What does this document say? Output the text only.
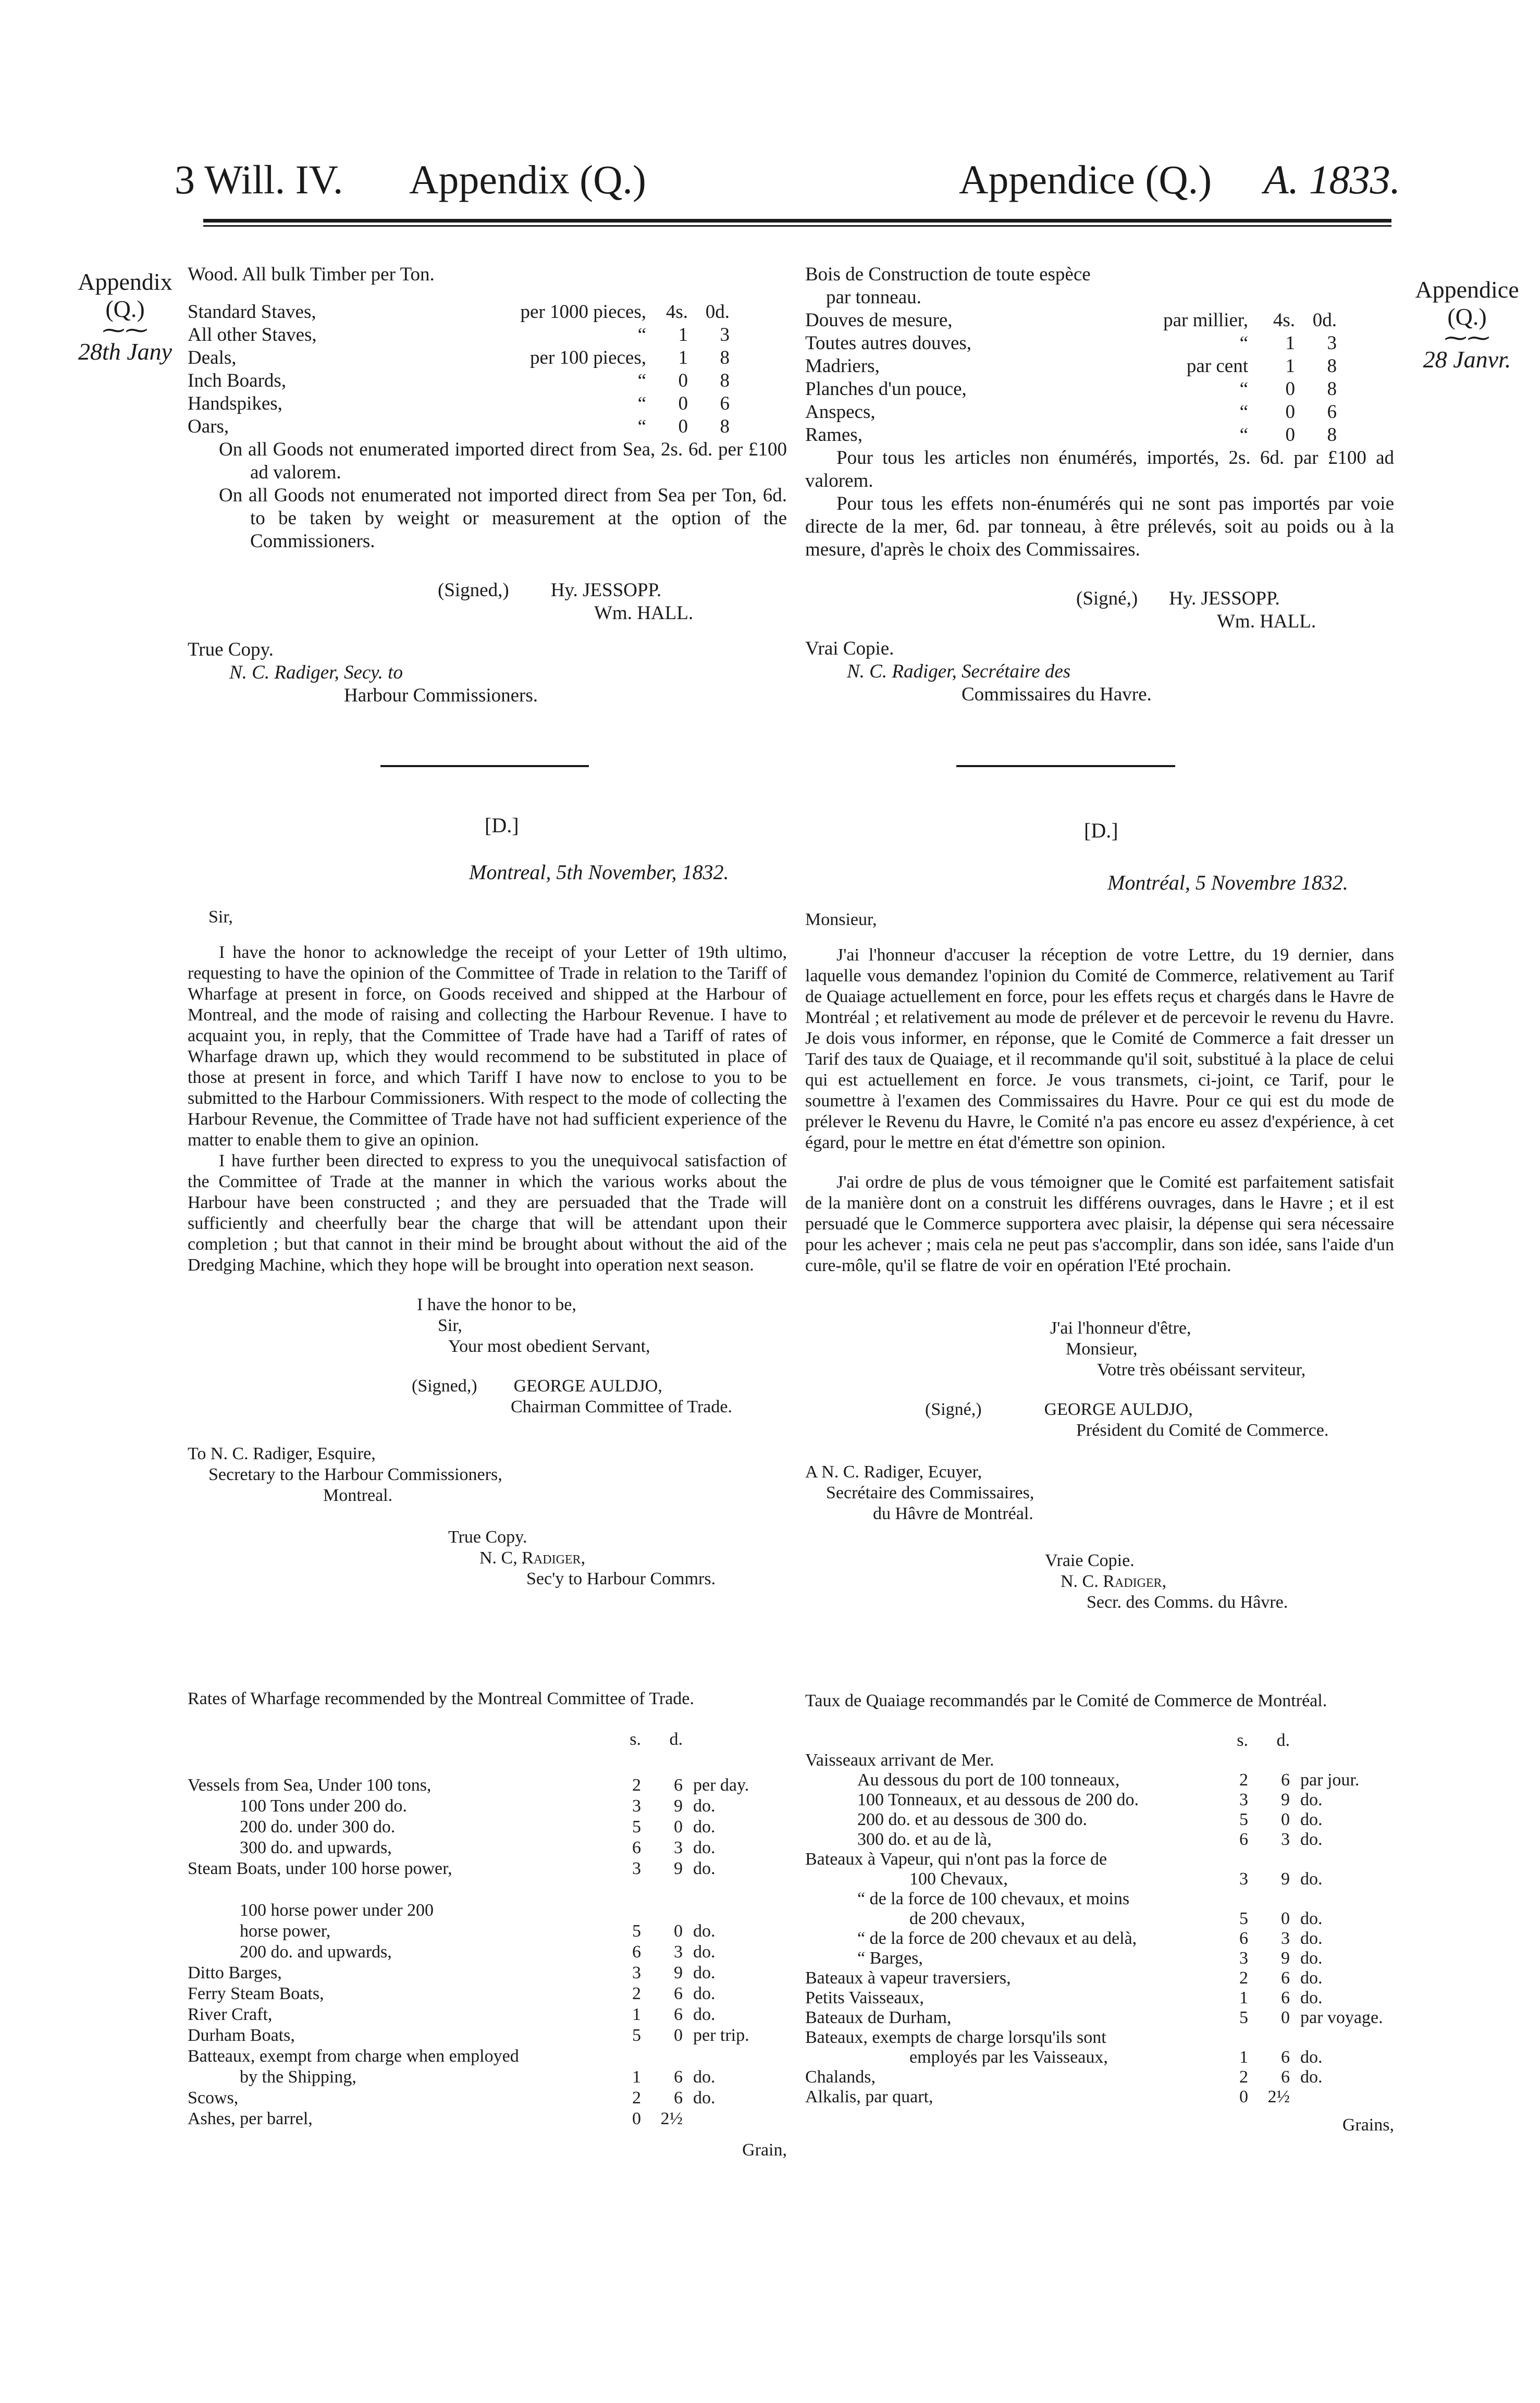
3 Will. IV. Appendix (Q.)	Appendice (Q.) A. 1833.
Appendix
(Q.)
⁓⁓
28th Jany
Appendice
(Q.)
⁓⁓
28 Janvr.
Wood. All bulk Timber per Ton.
Standard Staves,	per 1000 pieces,	4s. 0d.
All other Staves,	“	1	3
Deals,	per 100 pieces,	1	8
Inch Boards,	“	0	8
Handspikes,	“	0	6
Oars,	“	0	8
On all Goods not enumerated imported direct from Sea, 2s. 6d. per £100 ad valorem.
On all Goods not enumerated not imported direct from Sea per Ton, 6d. to be taken by weight or measurement at the option of the Commissioners.
(Signed,) Hy. JESSOPP.
Wm. HALL.
True Copy.
N. C. Radiger, Secy. to
Harbour Commissioners.
Bois de Construction de toute espèce
par tonneau.
Douves de mesure,	par millier,	4s. 0d.
Toutes autres douves,	“	1	3
Madriers,	par cent	1	8
Planches d'un pouce,	“	0	8
Anspecs,	“	0	6
Rames,	“	0	8
Pour tous les articles non énumérés, importés, 2s. 6d. par £100 ad valorem.
Pour tous les effets non-énumérés qui ne sont pas importés par voie directe de la mer, 6d. par tonneau, à être prélevés, soit au poids ou à la mesure, d'après le choix des Commissaires.
(Signé,) Hy. JESSOPP.
Wm. HALL.
Vrai Copie.
N. C. Radiger, Secrétaire des
Commissaires du Havre.
[D.]	[D.]
Montreal, 5th November, 1832.	Montréal, 5 Novembre 1832.
Sir,
I have the honor to acknowledge the receipt of your Letter of 19th ultimo, requesting to have the opinion of the Committee of Trade in relation to the Tariff of Wharfage at present in force, on Goods received and shipped at the Harbour of Montreal, and the mode of raising and collecting the Harbour Revenue. I have to acquaint you, in reply, that the Committee of Trade have had a Tariff of rates of Wharfage drawn up, which they would recommend to be substituted in place of those at present in force, and which Tariff I have now to enclose to you to be submitted to the Harbour Commissioners. With respect to the mode of collecting the Harbour Revenue, the Committee of Trade have not had sufficient experience of the matter to enable them to give an opinion.
I have further been directed to express to you the unequivocal satisfaction of the Committee of Trade at the manner in which the various works about the Harbour have been constructed ; and they are persuaded that the Trade will sufficiently and cheerfully bear the charge that will be attendant upon their completion ; but that cannot in their mind be brought about without the aid of the Dredging Machine, which they hope will be brought into operation next season.
I have the honor to be,
Sir,
Your most obedient Servant,
(Signed,) GEORGE AULDJO,
Chairman Committee of Trade.
To N. C. Radiger, Esquire,
Secretary to the Harbour Commissioners,
Montreal.
True Copy.
N. C, Radiger,
Sec'y to Harbour Commrs.
Monsieur,
J'ai l'honneur d'accuser la réception de votre Lettre, du 19 dernier, dans laquelle vous demandez l'opinion du Comité de Commerce, relativement au Tarif de Quaiage actuellement en force, pour les effets reçus et chargés dans le Havre de Montréal ; et relativement au mode de prélever et de percevoir le revenu du Havre. Je dois vous informer, en réponse, que le Comité de Commerce a fait dresser un Tarif des taux de Quaiage, et il recommande qu'il soit, substitué à la place de celui qui est actuellement en force. Je vous transmets, ci-joint, ce Tarif, pour le soumettre à l'examen des Commissaires du Havre. Pour ce qui est du mode de prélever le Revenu du Havre, le Comité n'a pas encore eu assez d'expérience, à cet égard, pour le mettre en état d'émettre son opinion.
J'ai ordre de plus de vous témoigner que le Comité est parfaitement satisfait de la manière dont on a construit les différens ouvrages, dans le Havre ; et il est persuadé que le Commerce supportera avec plaisir, la dépense qui sera nécessaire pour les achever ; mais cela ne peut pas s'accomplir, dans son idée, sans l'aide d'un cure-môle, qu'il se flatre de voir en opération l'Eté prochain.
J'ai l'honneur d'être,
Monsieur,
Votre très obéissant serviteur,
(Signé,)	GEORGE AULDJO,
Président du Comité de Commerce.
A N. C. Radiger, Ecuyer,
Secrétaire des Commissaires,
du Hâvre de Montréal.
Vraie Copie.
N. C. Radiger,
Secr. des Comms. du Hâvre.
Rates of Wharfage recommended by the Montreal Committee of Trade.
s.	d.
Vessels from Sea, Under 100 tons,	2	6 per day.
100 Tons under 200 do.	3	9 do.
200 do. under 300 do.	5	0 do.
300 do. and upwards,	6	3 do.
Steam Boats, under 100 horse power,	3	9 do.

100 horse power under 200
horse power,	5	0 do.
200 do. and upwards,	6	3 do.
Ditto Barges,	3	9 do.
Ferry Steam Boats,	2	6 do.
River Craft,	1	6 do.
Durham Boats,	5	0 per trip.
Batteaux, exempt from charge when employed
by the Shipping,	1	6 do.
Scows,	2	6 do.
Ashes, per barrel,	0	2½
Grain,
Taux de Quaiage recommandés par le Comité de Commerce de Montréal.
s.	d.
Vaisseaux arrivant de Mer.
Au dessous du port de 100 tonneaux,	2	6 par jour.
100 Tonneaux, et au dessous de 200 do.	3	9 do.
200 do. et au dessous de 300 do.	5	0 do.
300 do. et au de là,	6	3 do.
Bateaux à Vapeur, qui n'ont pas la force de
100 Chevaux,	3	9 do.
“ de la force de 100 chevaux, et moins
de 200 chevaux,	5	0 do.
“ de la force de 200 chevaux et au delà,	6	3 do.
“ Barges,	3	9 do.
Bateaux à vapeur traversiers,	2	6 do.
Petits Vaisseaux,	1	6 do.
Bateaux de Durham,	5	0 par voyage.
Bateaux, exempts de charge lorsqu'ils sont
employés par les Vaisseaux,	1	6 do.
Chalands,	2	6 do.
Alkalis, par quart,	0	2½
Grains,
